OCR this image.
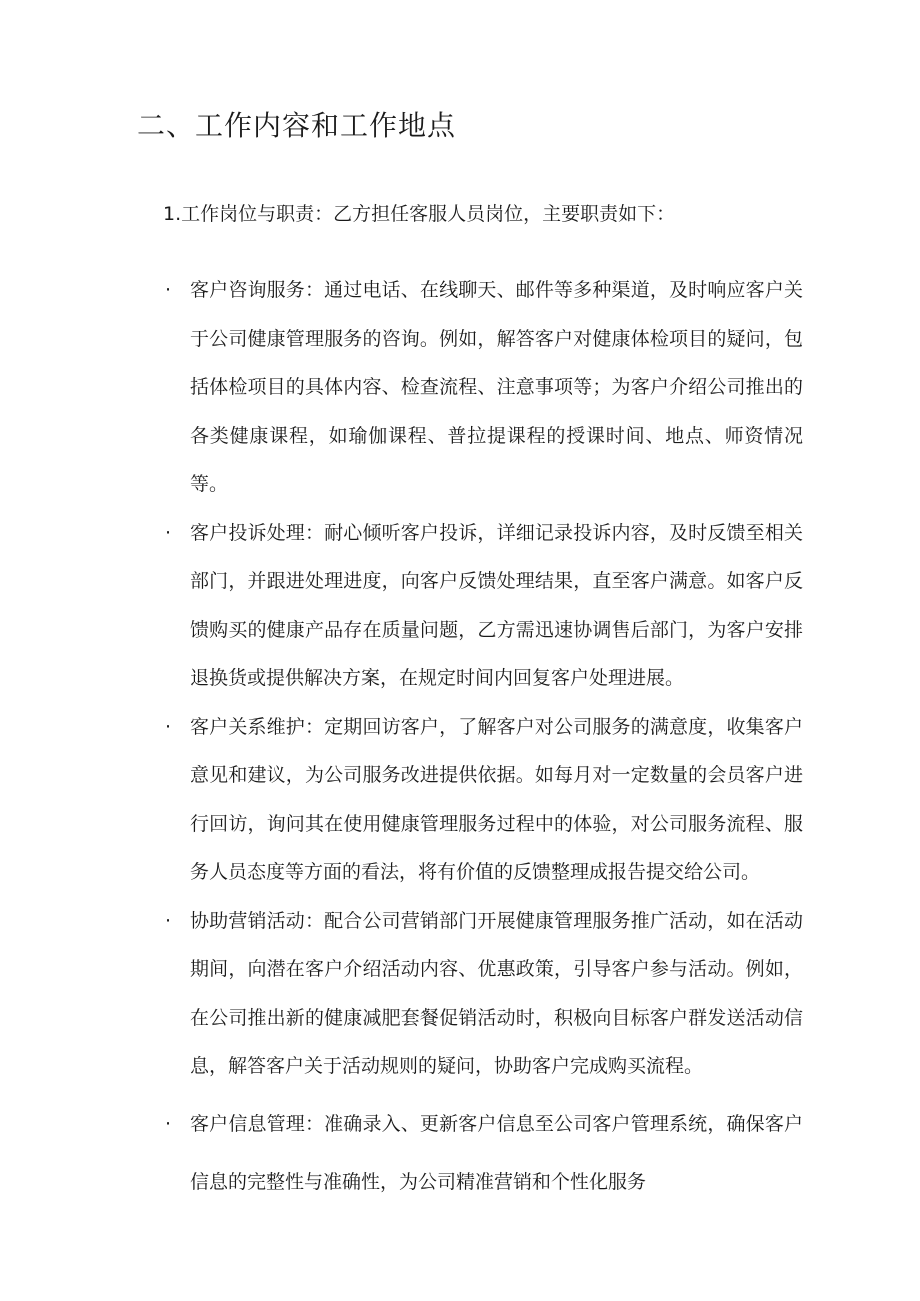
二、工作内容和工作地点
1.工作岗位与职责：乙方担任客服人员岗位，主要职责如下：
· 客户咨询服务：通过电话、在线聊天、邮件等多种渠道，及时响应客户关于公司健康管理服务的咨询。例如，解答客户对健康体检项目的疑问，包括体检项目的具体内容、检查流程、注意事项等；为客户介绍公司推出的各类健康课程，如瑜伽课程、普拉提课程的授课时间、地点、师资情况等。
· 客户投诉处理：耐心倾听客户投诉，详细记录投诉内容，及时反馈至相关部门，并跟进处理进度，向客户反馈处理结果，直至客户满意。如客户反馈购买的健康产品存在质量问题，乙方需迅速协调售后部门，为客户安排退换货或提供解决方案，在规定时间内回复客户处理进展。
· 客户关系维护：定期回访客户，了解客户对公司服务的满意度，收集客户意见和建议，为公司服务改进提供依据。如每月对一定数量的会员客户进行回访，询问其在使用健康管理服务过程中的体验，对公司服务流程、服务人员态度等方面的看法，将有价值的反馈整理成报告提交给公司。
· 协助营销活动：配合公司营销部门开展健康管理服务推广活动，如在活动期间，向潜在客户介绍活动内容、优惠政策，引导客户参与活动。例如，在公司推出新的健康减肥套餐促销活动时，积极向目标客户群发送活动信息，解答客户关于活动规则的疑问，协助客户完成购买流程。
· 客户信息管理：准确录入、更新客户信息至公司客户管理系统，确保客户信息的完整性与准确性，为公司精准营销和个性化服务
